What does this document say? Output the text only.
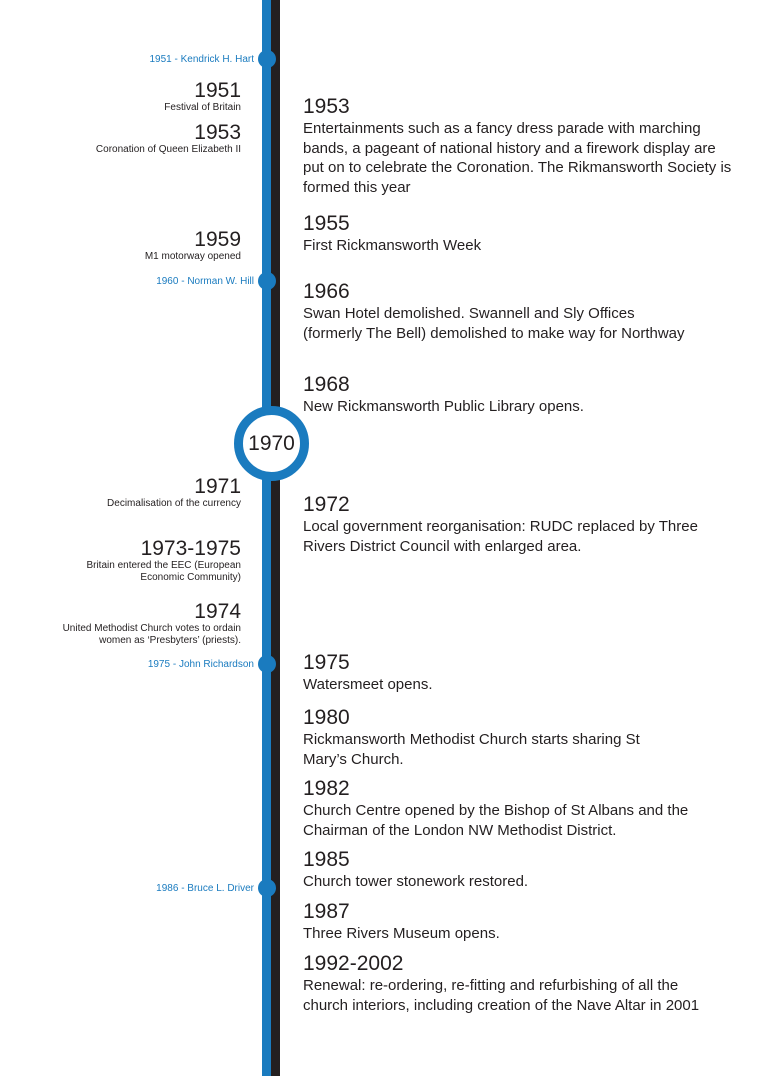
1951 - Kendrick H. Hart
1960 - Norman W. Hill
1975 - John Richardson
1986 - Bruce L. Driver
1970
1951
Festival of Britain
1953
Coronation of Queen Elizabeth II
1959
M1 motorway opened
1971
Decimalisation of the currency
1973-1975
Britain entered the EEC (European Economic Community)
1974
United Methodist Church votes to ordain women as ‘Presbyters’ (priests).
1953
Entertainments such as a fancy dress parade with marching bands, a pageant of national history and a firework display are put on to celebrate the Coronation. The Rikmansworth Society is formed this year
1955
First Rickmansworth Week
1966
Swan Hotel demolished. Swannell and Sly Offices (formerly The Bell) demolished to make way for Northway
1968
New Rickmansworth Public Library opens.
1972
Local government reorganisation: RUDC replaced by Three Rivers District Council with enlarged area.
1975
Watersmeet opens.
1980
Rickmansworth Methodist Church starts sharing St Mary’s Church.
1982
Church Centre opened by the Bishop of St Albans and the Chairman of the London NW Methodist District.
1985
Church tower stonework restored.
1987
Three Rivers Museum opens.
1992-2002
Renewal: re-ordering, re-fitting and refurbishing of all the church interiors, including creation of the Nave Altar in 2001
